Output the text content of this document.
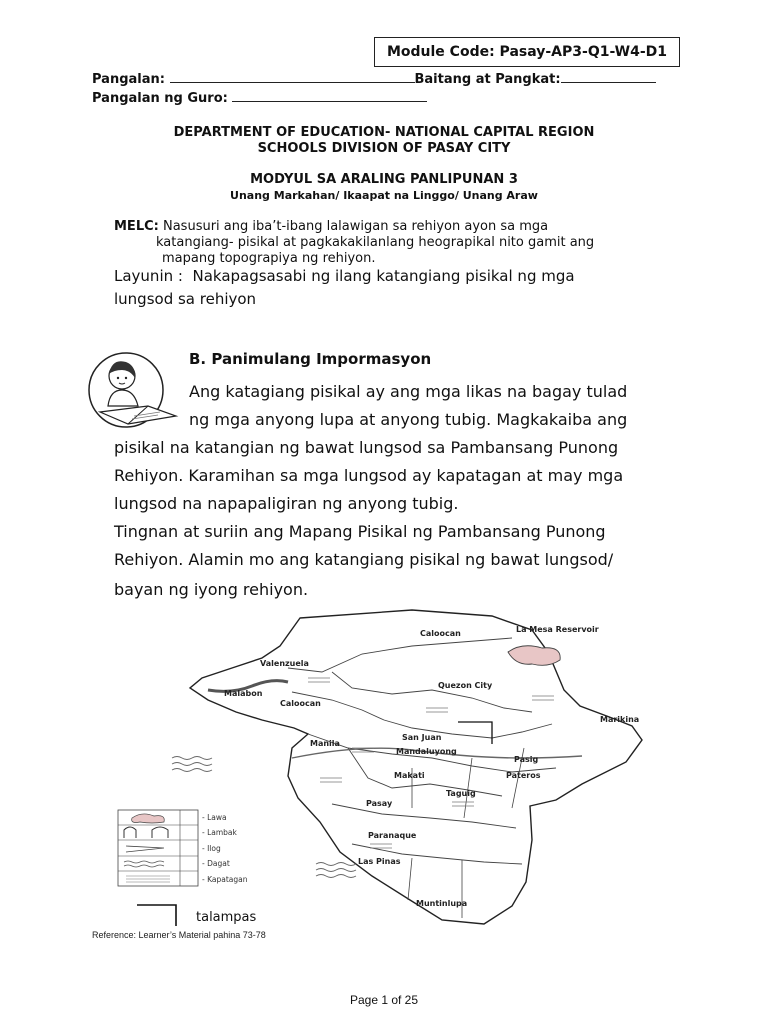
Module Code: Pasay-AP3-Q1-W4-D1
Pangalan:	Baitang at Pangkat:
Pangalan ng Guro:
DEPARTMENT OF EDUCATION- NATIONAL CAPITAL REGION
SCHOOLS DIVISION OF PASAY CITY
MODYUL SA ARALING PANLIPUNAN 3
Unang Markahan/ Ikaapat na Linggo/ Unang Araw
MELC: Nasusuri ang iba’t-ibang lalawigan sa rehiyon ayon sa mga
katangiang- pisikal at pagkakakilanlang heograpikal nito gamit ang
mapang topograpiya ng rehiyon.
Layunin :  Nakapagsasabi ng ilang katangiang pisikal ng mga
lungsod sa rehiyon
B. Panimulang Impormasyon
Ang katagiang pisikal ay ang mga likas na bagay tulad
ng mga anyong lupa at anyong tubig. Magkakaiba ang
pisikal na katangian ng bawat lungsod sa Pambansang Punong
Rehiyon. Karamihan sa mga lungsod ay kapatagan at may mga
lungsod na napapaligiran ng anyong tubig.
Tingnan at suriin ang Mapang Pisikal ng Pambansang Punong
Rehiyon. Alamin mo ang katangiang pisikal ng bawat lungsod/
bayan ng iyong rehiyon.
Caloocan	La Mesa Reservoir
Valenzuela
Quezon City
Malabon
Caloocan
Marikina
San Juan
Manila
Mandaluyong
Pasig
Makati	Pateros
Pasay
Taguig
Paranaque
Las Pinas
Muntinlupa
- Lawa
- Lambak
- Ilog
- Dagat
- Kapatagan
talampas
Reference: Learner’s Material pahina 73-78
Page 1 of 25
